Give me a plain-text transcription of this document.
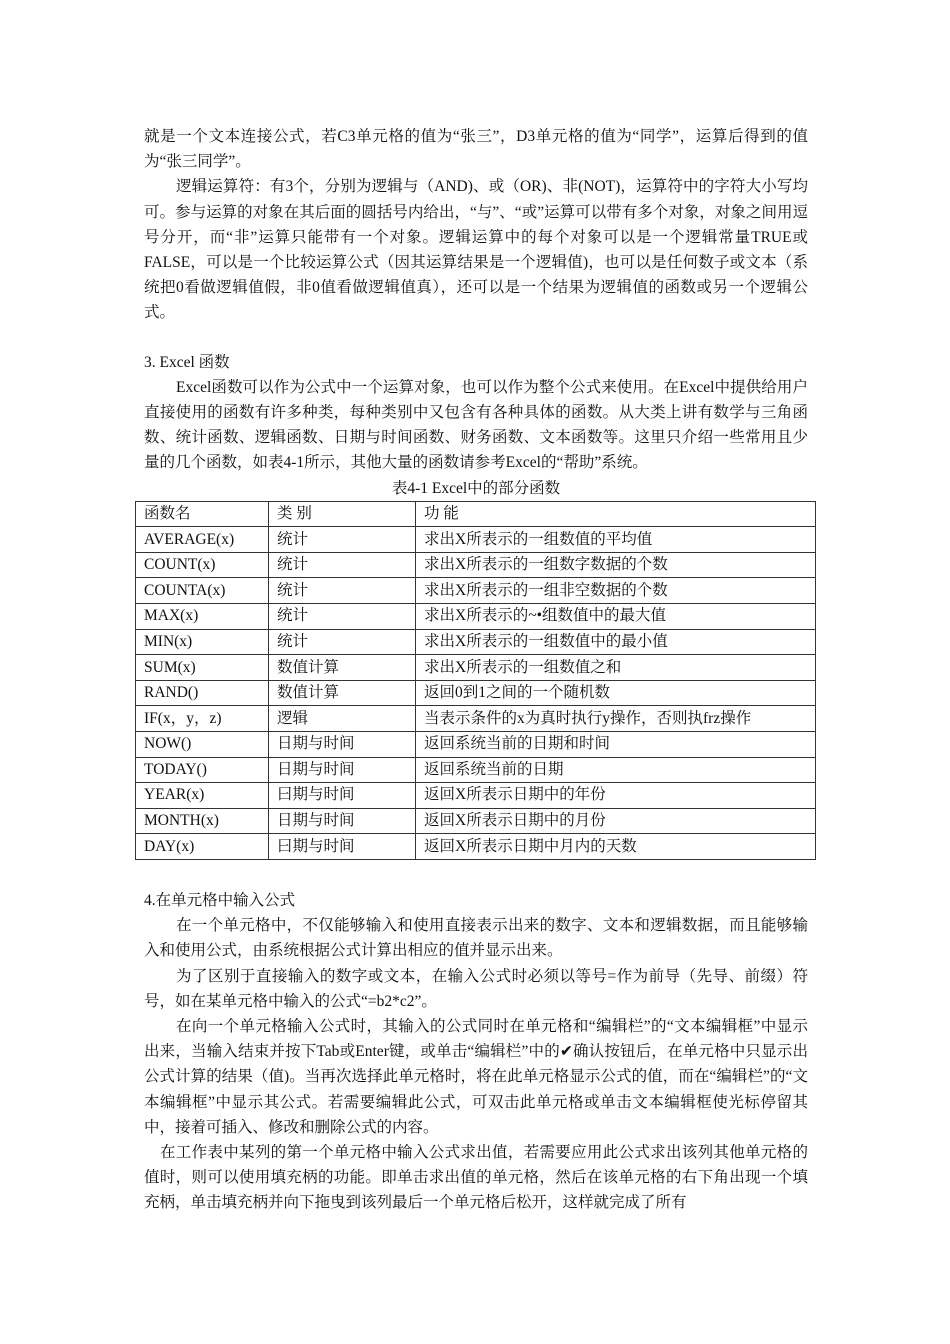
就是一个文本连接公式，若C3单元格的值为“张三”，D3单元格的值为“同学”，运算后得到的值为“张三同学”。

逻辑运算符：有3个，分别为逻辑与（AND)、或（OR)、非(NOT)，运算符中的字符大小写均可。参与运算的对象在其后面的圆括号内给出，“与”、“或”运算可以带有多个对象，对象之间用逗号分开，而“非”运算只能带有一个对象。逻辑运算中的每个对象可以是一个逻辑常量TRUE或FALSE，可以是一个比较运算公式（因其运算结果是一个逻辑值)，也可以是任何数子或文本（系统把0看做逻辑值假，非0值看做逻辑值真），还可以是一个结果为逻辑值的函数或另一个逻辑公式。

3. Excel 函数

Excel函数可以作为公式中一个运算对象，也可以作为整个公式来使用。在Excel中提供给用户直接使用的函数有许多种类，每种类别中又包含有各种具体的函数。从大类上讲有数学与三角函数、统计函数、逻辑函数、日期与时间函数、财务函数、文本函数等。这里只介绍一些常用且少量的几个函数，如表4-1所示，其他大量的函数请参考Excel的“帮助”系统。

表4-1 Excel中的部分函数
函数名	类 别	功 能
AVERAGE(x)	统计	求出X所表示的一组数值的平均值
COUNT(x)	统计	求出X所表示的一组数字数据的个数
COUNTA(x)	统计	求出X所表示的一组非空数据的个数
MAX(x)	统计	求出X所表示的~•组数值中的最大值
MIN(x)	统计	求出X所表示的一组数值中的最小值
SUM(x)	数值计算	求出X所表示的一组数值之和
RAND()	数值计算	返回0到1之间的一个随机数
IF(x，y，z)	逻辑	当表示条件的x为真时执行y操作，否则执frz操作
NOW()	日期与时间	返回系统当前的日期和时间
TODAY()	日期与时间	返回系统当前的日期
YEAR(x)	曰期与时间	返回X所表示日期中的年份
MONTH(x)	日期与时间	返回X所表示日期中的月份
DAY(x)	曰期与时间	返回X所表示日期中月内的天数

4.在单元格中输入公式

在一个单元格中，不仅能够输入和使用直接表示出来的数字、文本和逻辑数据，而且能够输入和使用公式，由系统根据公式计算出相应的值并显示出来。

为了区别于直接输入的数字或文本，在输入公式时必须以等号=作为前导（先导、前缀）符号，如在某单元格中输入的公式“=b2*c2”。

在向一个单元格输入公式时，其输入的公式同时在单元格和“编辑栏”的“文本编辑框”中显示出来，当输入结束并按下Tab或Enter键，或单击“编辑栏”中的✔确认按钮后，在单元格中只显示出公式计算的结果（值)。当再次选择此单元格时，将在此单元格显示公式的值，而在“编辑栏”的“文本编辑框”中显示其公式。若需要编辑此公式，可双击此单元格或单击文本编辑框使光标停留其中，接着可插入、修改和删除公式的内容。

在工作表中某列的第一个单元格中输入公式求出值，若需要应用此公式求出该列其他单元格的值时，则可以使用填充柄的功能。即单击求出值的单元格，然后在该单元格的右下角出现一个填充柄，单击填充柄并向下拖曳到该列最后一个单元格后松开，这样就完成了所有
